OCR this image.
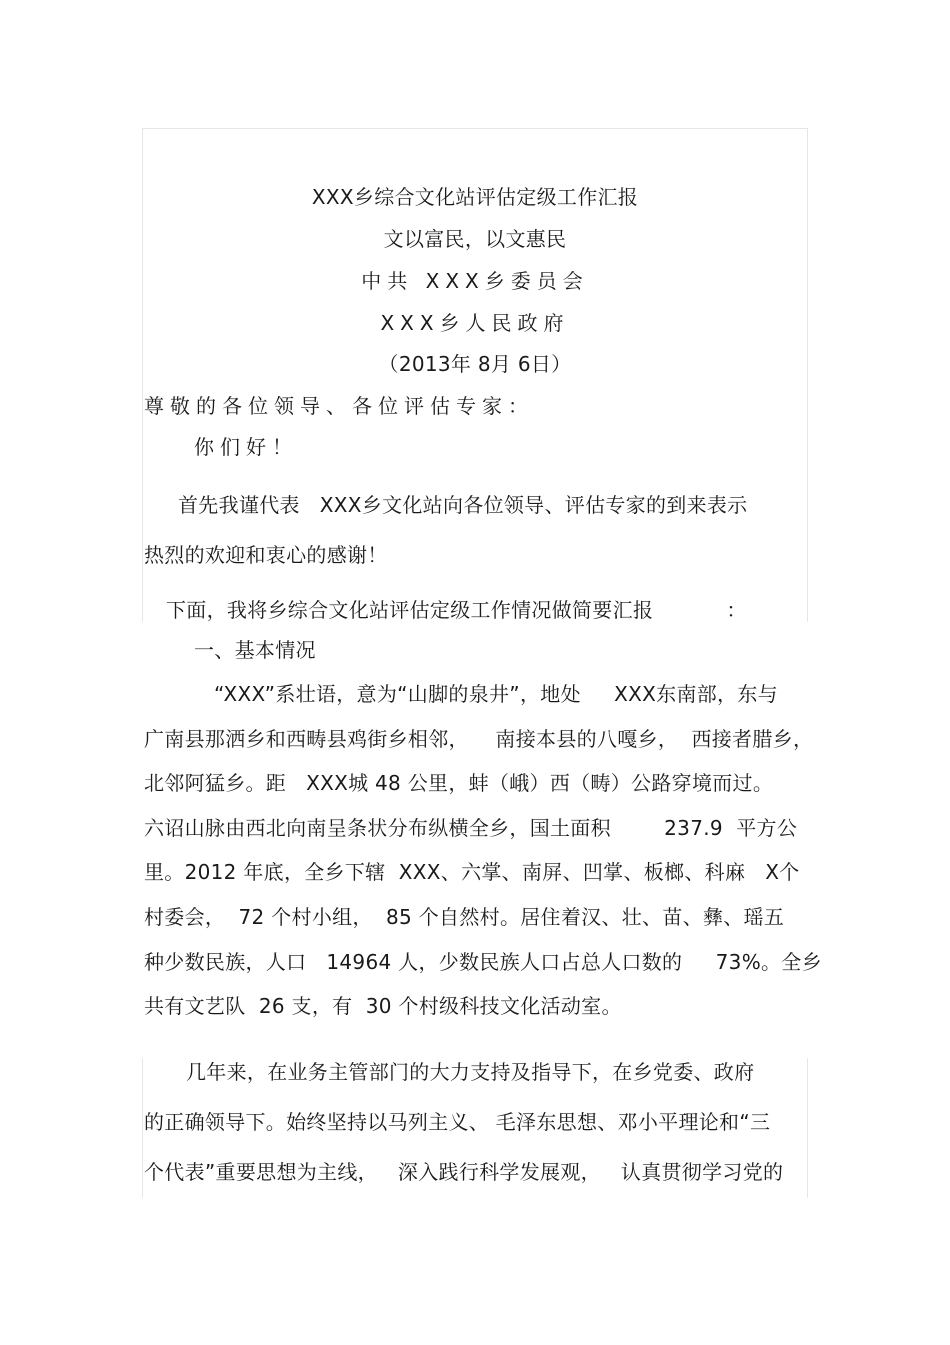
XXX乡综合文化站评估定级工作汇报
文以富民，以文惠民
中共 XXX乡委员会
XXX乡人民政府
（2013年 8月 6日）
尊敬的各位领导、各位评估专家：
你们好！
首先我谨代表   XXX乡文化站向各位领导、评估专家的到来表示
热烈的欢迎和衷心的感谢！
下面，我将乡综合文化站评估定级工作情况做简要汇报           ：
一、基本情况
“XXX”系壮语，意为“山脚的泉井”，地处     XXX东南部，东与
广南县那洒乡和西畴县鸡街乡相邻，    南接本县的八嘎乡，  西接者腊乡，
北邻阿猛乡。距   XXX城 48 公里，蚌（峨）西（畴）公路穿境而过。
六诏山脉由西北向南呈条状分布纵横全乡，国土面积        237.9  平方公
里。2012 年底，全乡下辖  XXX、六掌、南屏、凹掌、板榔、科麻   X个
村委会，  72 个村小组，  85 个自然村。居住着汉、壮、苗、彝、瑶五
种少数民族，人口   14964 人，少数民族人口占总人口数的     73%。全乡
共有文艺队  26 支，有  30 个村级科技文化活动室。
几年来，在业务主管部门的大力支持及指导下，在乡党委、政府
的正确领导下。始终坚持以马列主义、 毛泽东思想、邓小平理论和“三
个代表”重要思想为主线，   深入践行科学发展观，   认真贯彻学习党的
